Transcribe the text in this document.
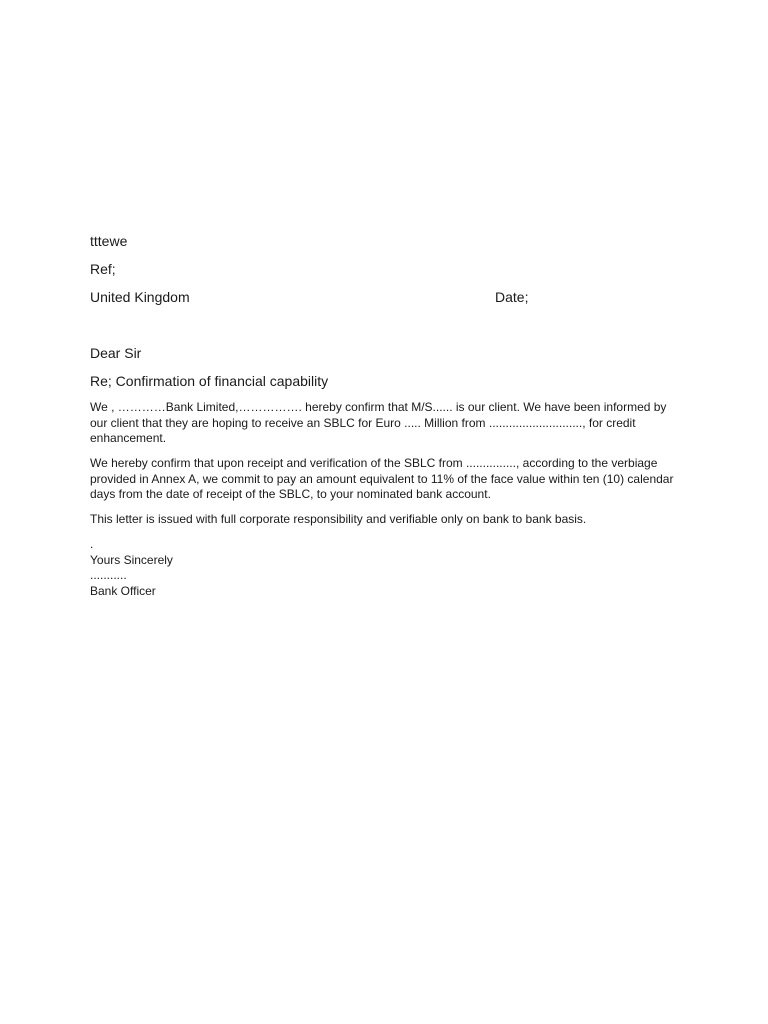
tttewe
Ref;
United Kingdom	Date;
Dear Sir
Re; Confirmation of financial capability
We , …………Bank Limited,……………. hereby confirm that M/S...... is our client. We have been informed by our client that they are hoping to receive an SBLC for Euro ..... Million from ............................, for credit enhancement.
We hereby confirm that upon receipt and verification of the SBLC from ..............., according to the verbiage provided in Annex A, we commit to pay an amount equivalent to 11% of the face value within ten (10) calendar days from the date of receipt of the SBLC, to your nominated bank account.
This letter is issued with full corporate responsibility and verifiable only on bank to bank basis.
.
Yours Sincerely
...........
Bank Officer
